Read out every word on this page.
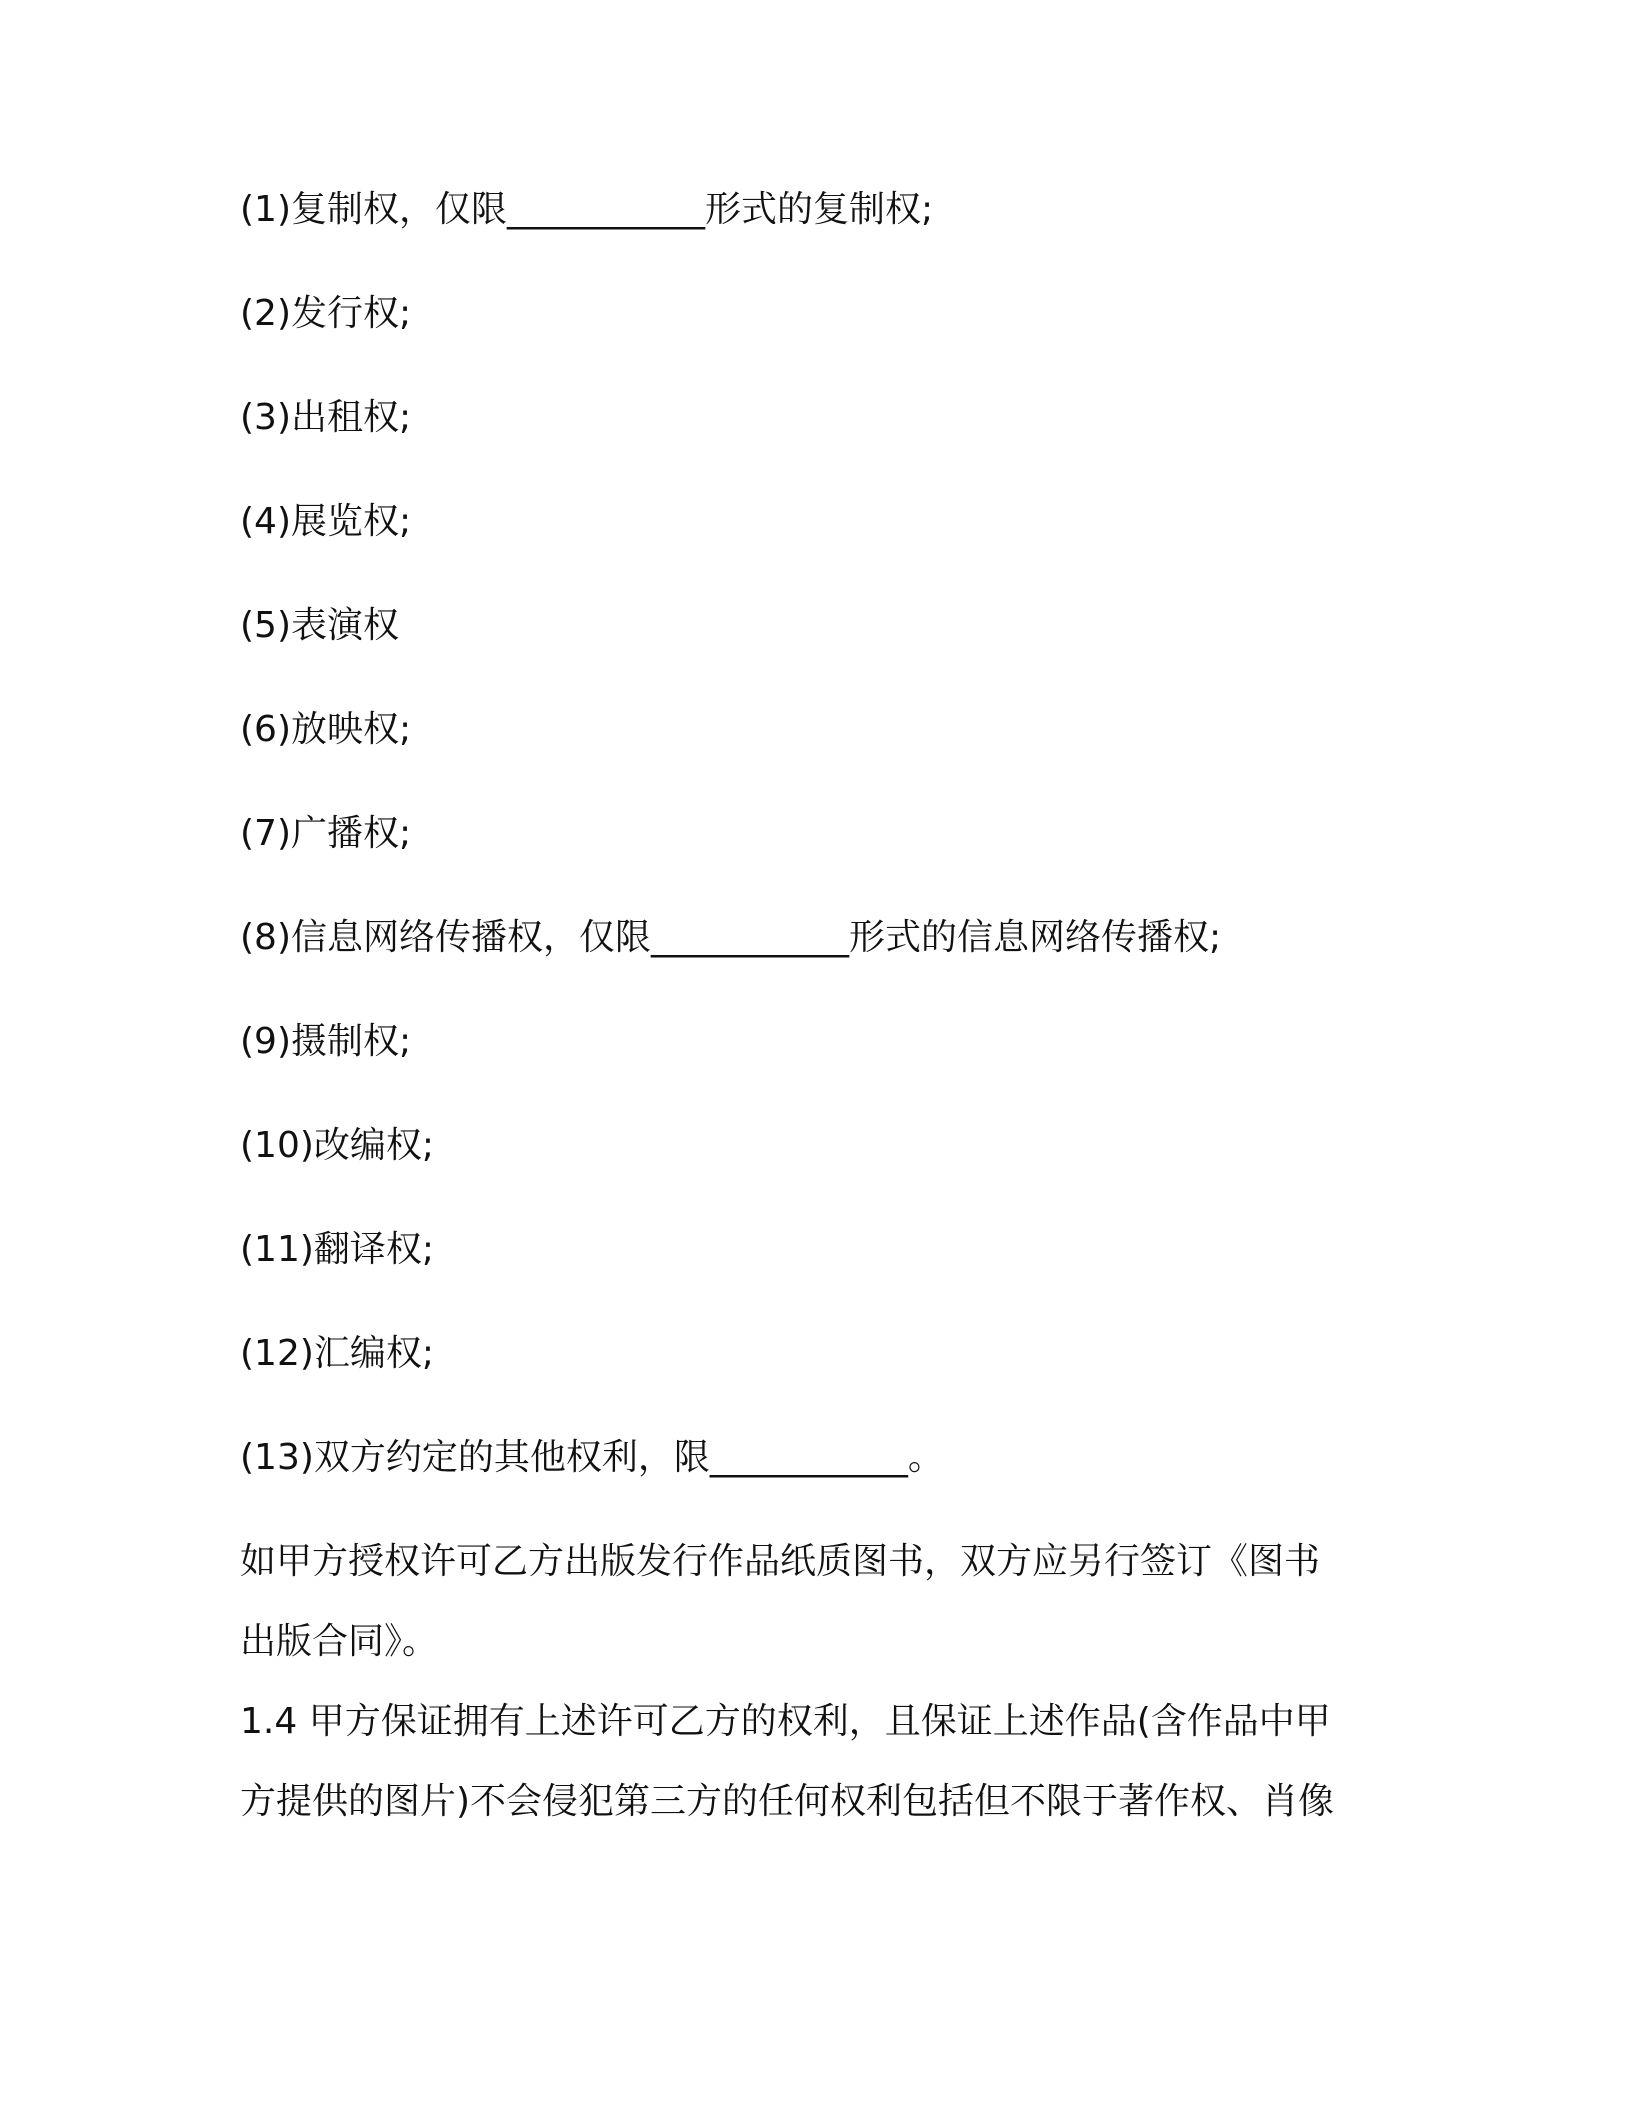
(1)复制权，仅限___________形式的复制权;
(2)发行权;
(3)出租权;
(4)展览权;
(5)表演权
(6)放映权;
(7)广播权;
(8)信息网络传播权，仅限___________形式的信息网络传播权;
(9)摄制权;
(10)改编权;
(11)翻译权;
(12)汇编权;
(13)双方约定的其他权利，限___________。
如甲方授权许可乙方出版发行作品纸质图书，双方应另行签订《图书
出版合同》。
1.4 甲方保证拥有上述许可乙方的权利，且保证上述作品(含作品中甲
方提供的图片)不会侵犯第三方的任何权利包括但不限于著作权、肖像
